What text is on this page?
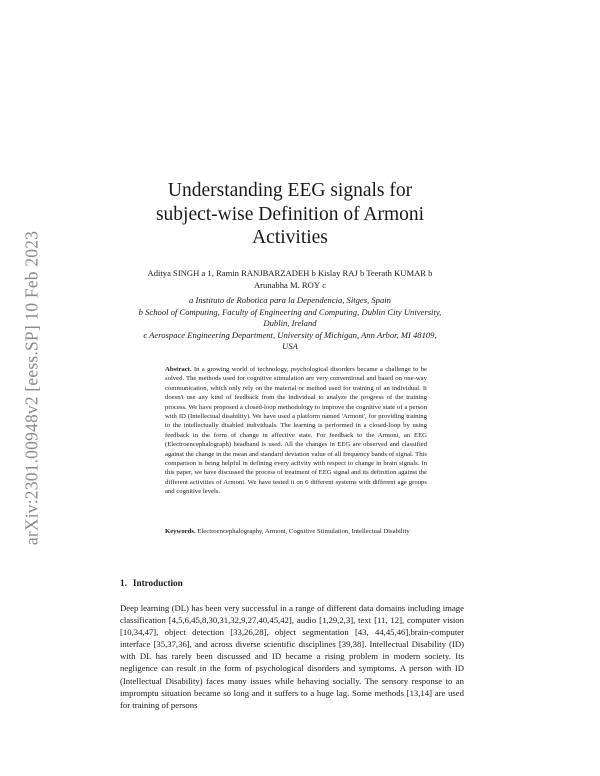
arXiv:2301.00948v2 [eess.SP] 10 Feb 2023
Understanding EEG signals for
subject-wise Definition of Armoni
Activities
Aditya SINGH a 1, Ramin RANJBARZADEH b Kislay RAJ b Teerath KUMAR b
Arunabha M. ROY c
a Instituto de Robotica para la Dependencia, Sitges, Spain
b School of Computing, Faculty of Engineering and Computing, Dublin City University,
Dublin, Ireland
c Aerospace Engineering Department, University of Michigan, Ann Arbor, MI 48109,
USA
Abstract. In a growing world of technology, psychological disorders became a challenge to be solved. The methods used for cognitive stimulation are very conventional and based on one-way communication, which only rely on the material or method used for training of an individual. It doesn't use any kind of feedback from the individual to analyze the progress of the training process. We have proposed a closed-loop methodology to improve the cognitive state of a person with ID (Intellectual disability). We have used a platform named 'Armoni', for providing training to the intellectually disabled individuals. The learning is performed in a closed-loop by using feedback in the form of change in affective state. For feedback to the Armoni, an EEG (Electroencephalograph) headband is used. All the changes in EEG are observed and classified against the change in the mean and standard deviation value of all frequency bands of signal. This comparison is being helpful in defining every activity with respect to change in brain signals. In this paper, we have discussed the process of treatment of EEG signal and its definition against the different activities of Armoni. We have tested it on 6 different systems with different age groups and cognitive levels.
Keywords. Electroencephalography, Armoni, Cognitive Stimulation, Intellectual Disability
1. Introduction
Deep learning (DL) has been very successful in a range of different data domains including image classification [4,5,6,45,8,30,31,32,9,27,40,45,42], audio [1,29,2,3], text [11, 12], computer vision [10,34,47], object detection [33,26,28], object segmentation [43, 44,45,46],brain-computer interface [35,37,36], and across diverse scientific disciplines [39,38]. Intellectual Disability (ID) with DL has rarely been discussed and ID became a rising problem in modern society. Its negligence can result in the form of psychological disorders and symptoms. A person with ID (Intellectual Disability) faces many issues while behaving socially. The sensory response to an impromptu situation became so long and it suffers to a huge lag. Some methods [13,14] are used for training of persons
